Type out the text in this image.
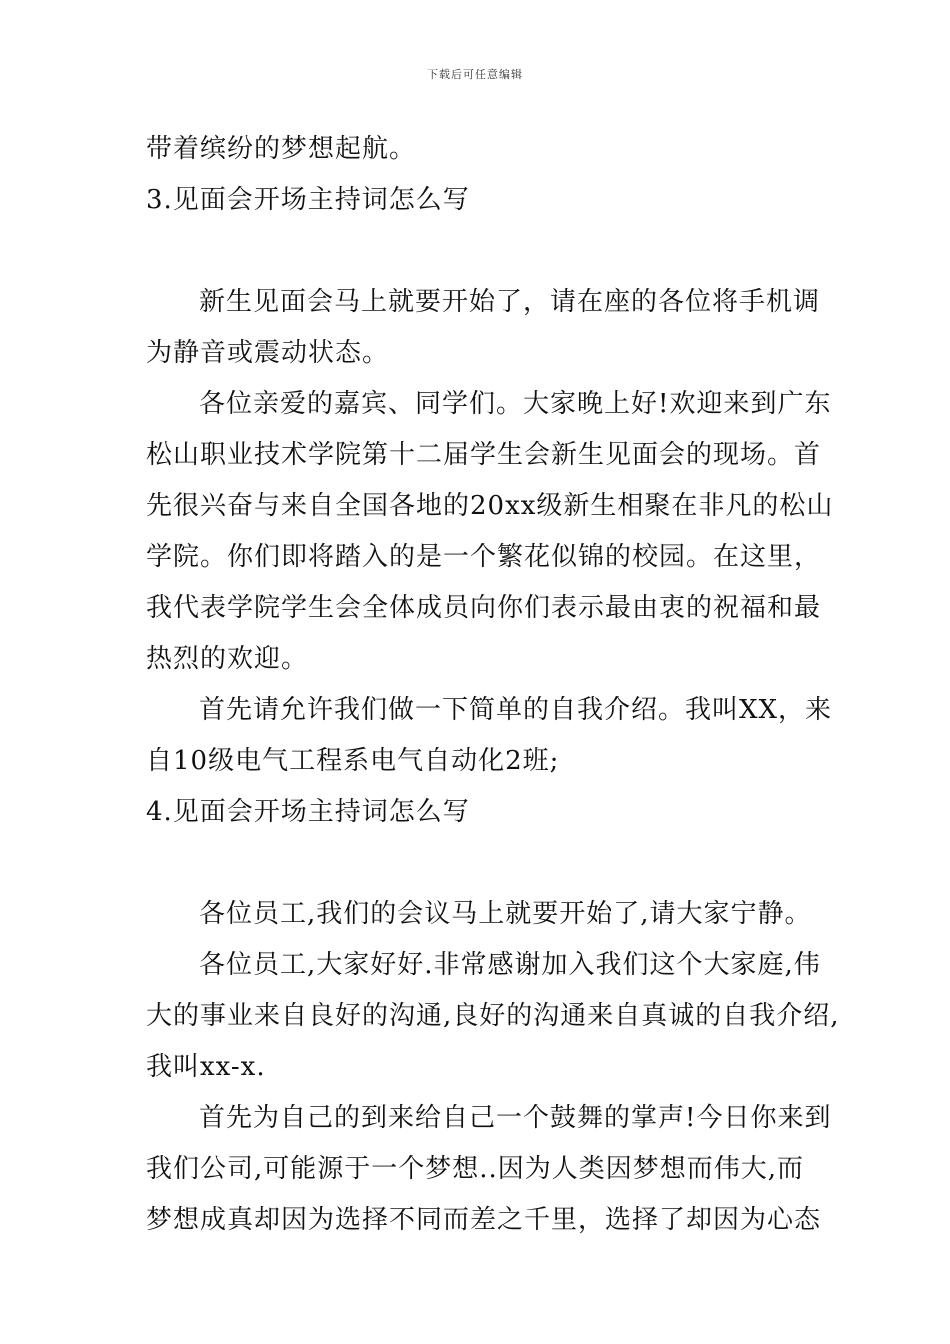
下载后可任意编辑
带着缤纷的梦想起航。
3.见面会开场主持词怎么写
新生见面会马上就要开始了，请在座的各位将手机调
为静音或震动状态。
各位亲爱的嘉宾、同学们。大家晚上好!欢迎来到广东
松山职业技术学院第十二届学生会新生见面会的现场。首
先很兴奋与来自全国各地的20xx级新生相聚在非凡的松山
学院。你们即将踏入的是一个繁花似锦的校园。在这里，
我代表学院学生会全体成员向你们表示最由衷的祝福和最
热烈的欢迎。
首先请允许我们做一下简单的自我介绍。我叫XX，来
自10级电气工程系电气自动化2班;
4.见面会开场主持词怎么写
各位员工,我们的会议马上就要开始了,请大家宁静。
各位员工,大家好好.非常感谢加入我们这个大家庭,伟
大的事业来自良好的沟通,良好的沟通来自真诚的自我介绍,
我叫xx-x.
首先为自己的到来给自己一个鼓舞的掌声!今日你来到
我们公司,可能源于一个梦想..因为人类因梦想而伟大,而
梦想成真却因为选择不同而差之千里，选择了却因为心态
